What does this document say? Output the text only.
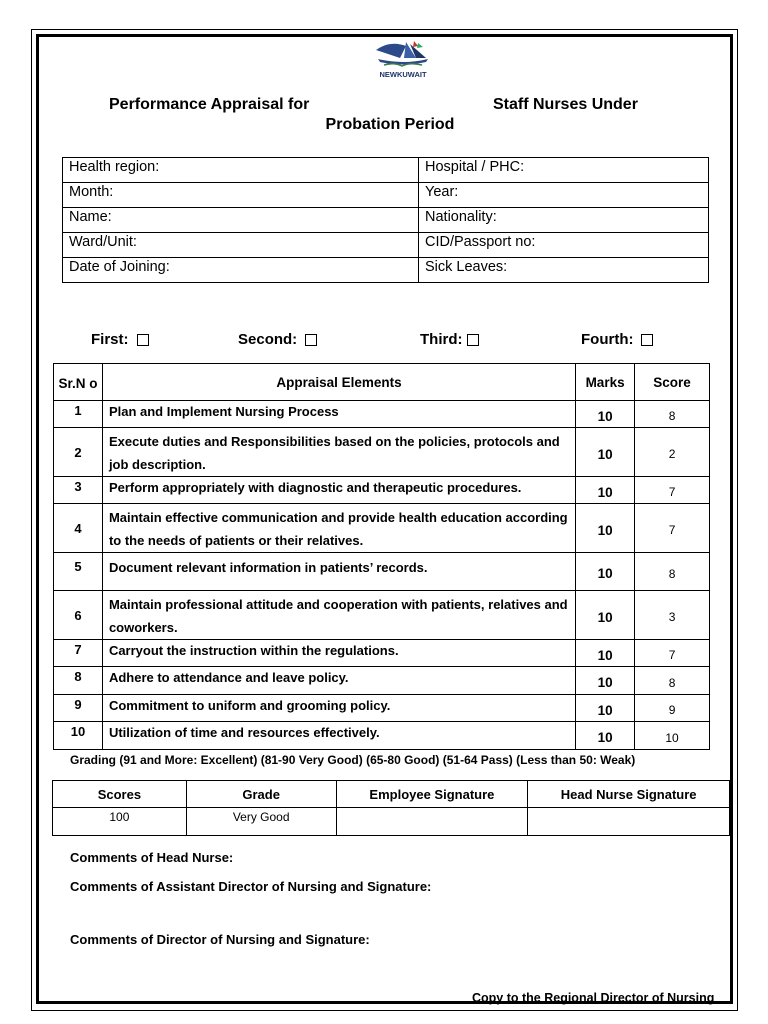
NEWKUWAIT
Performance Appraisal for	Staff Nurses Under
Probation Period
Health region:	Hospital / PHC:
Month:	Year:
Name:	Nationality:
Ward/Unit:	CID/Passport no:
Date of Joining:	Sick Leaves:
First:	Second:	Third:	Fourth:
Sr.N o	Appraisal Elements	Marks	Score
1	Plan and Implement Nursing Process	10	8
2	Execute duties and Responsibilities based on the policies, protocols and job description.	10	2
3	Perform appropriately with diagnostic and therapeutic procedures.	10	7
4	Maintain effective communication and provide health education according to the needs of patients or their relatives.	10	7
5	Document relevant information in patients’ records.	10	8
6	Maintain professional attitude and cooperation with patients, relatives and coworkers.	10	3
7	Carryout the instruction within the regulations.	10	7
8	Adhere to attendance and leave policy.	10	8
9	Commitment to uniform and grooming policy.	10	9
10	Utilization of time and resources effectively.	10	10
Grading (91 and More: Excellent) (81-90 Very Good) (65-80 Good) (51-64 Pass) (Less than 50: Weak)
Scores	Grade	Employee Signature	Head Nurse Signature
100	Very Good		
Comments of Head Nurse:
Comments of Assistant Director of Nursing and Signature:
Comments of Director of Nursing and Signature:
Copy to the Regional Director of Nursing
